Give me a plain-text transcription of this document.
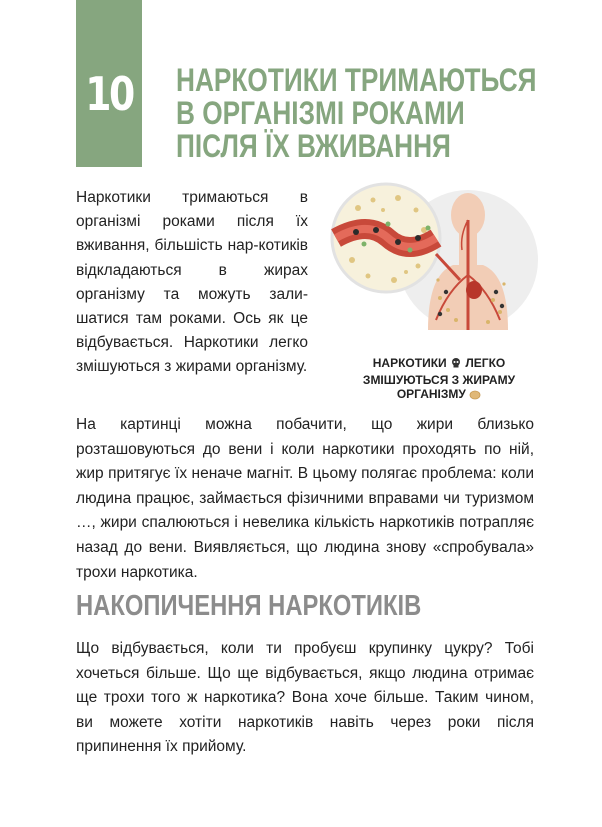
10 НАРКОТИКИ ТРИМАЮТЬСЯ
В ОРГАНІЗМІ РОКАМИ
ПІСЛЯ ЇХ ВЖИВАННЯ

Наркотики тримаються в організмі роками після їх вживання, більшість нар-котиків відкладаються в жирах організму та можуть зали-шатися там роками. Ось як це відбувається. Наркотики легко змішуються з жирами організму.	НАРКОТИКИ ЛЕГКО ЗМІШУЮТЬСЯ З ЖИРАМУ ОРГАНІЗМУ

На картинці можна побачити, що жири близько розташовуються до вени і коли наркотики проходять по ній, жир притягує їх неначе магніт. В цьому полягає проблема: коли людина працює, займається фізичними вправами чи туризмом …, жири спалюються і невелика кількість наркотиків потрапляє назад до вени. Виявляється, що людина знову «спробувала» трохи наркотика.

НАКОПИЧЕННЯ НАРКОТИКІВ

Що відбувається, коли ти пробуєш крупинку цукру? Тобі хочеться більше. Що ще відбувається, якщо людина отримає ще трохи того ж наркотика? Вона хоче більше. Таким чином, ви можете хотіти наркотиків навіть через роки після припинення їх прийому.
